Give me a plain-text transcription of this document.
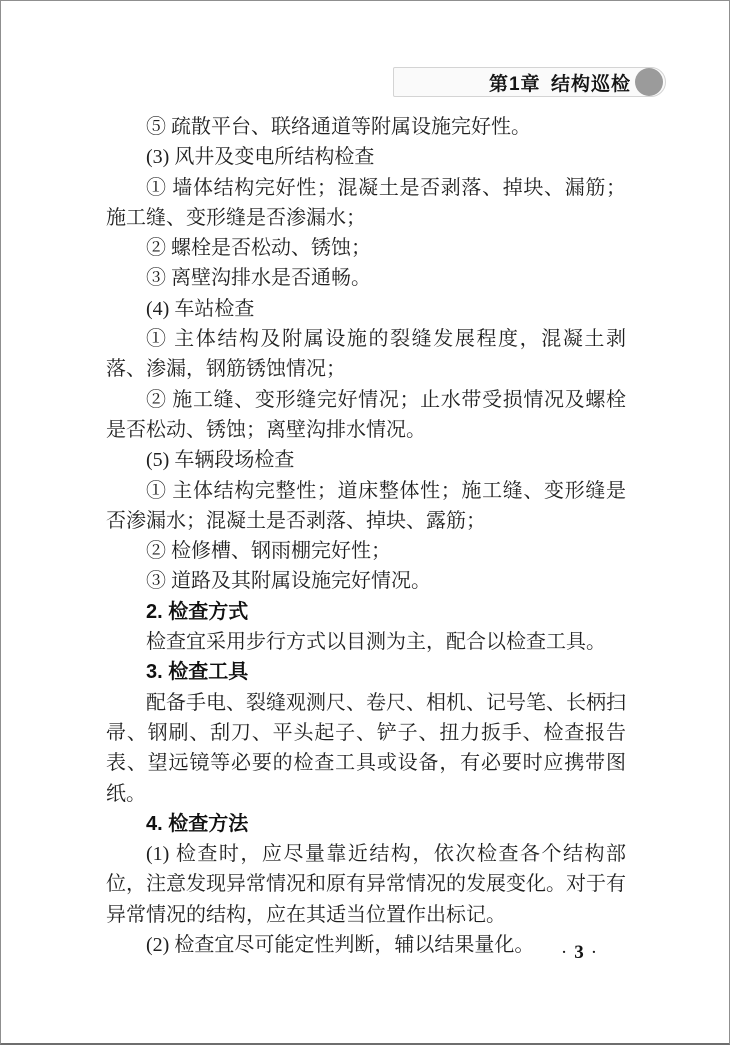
第1章 结构巡检

⑤ 疏散平台、联络通道等附属设施完好性。

(3) 风井及变电所结构检查

① 墙体结构完好性；混凝土是否剥落、掉块、漏筋；施工缝、变形缝是否渗漏水；

② 螺栓是否松动、锈蚀；

③ 离壁沟排水是否通畅。

(4) 车站检查

① 主体结构及附属设施的裂缝发展程度，混凝土剥落、渗漏，钢筋锈蚀情况；

② 施工缝、变形缝完好情况；止水带受损情况及螺栓是否松动、锈蚀；离壁沟排水情况。

(5) 车辆段场检查

① 主体结构完整性；道床整体性；施工缝、变形缝是否渗漏水；混凝土是否剥落、掉块、露筋；

② 检修槽、钢雨棚完好性；

③ 道路及其附属设施完好情况。

2. 检查方式

检查宜采用步行方式以目测为主，配合以检查工具。

3. 检查工具

配备手电、裂缝观测尺、卷尺、相机、记号笔、长柄扫帚、钢刷、刮刀、平头起子、铲子、扭力扳手、检查报告表、望远镜等必要的检查工具或设备，有必要时应携带图纸。

4. 检查方法

(1) 检查时，应尽量靠近结构，依次检查各个结构部位，注意发现异常情况和原有异常情况的发展变化。对于有异常情况的结构，应在其适当位置作出标记。

(2) 检查宜尽可能定性判断，辅以结果量化。	· 3 ·
